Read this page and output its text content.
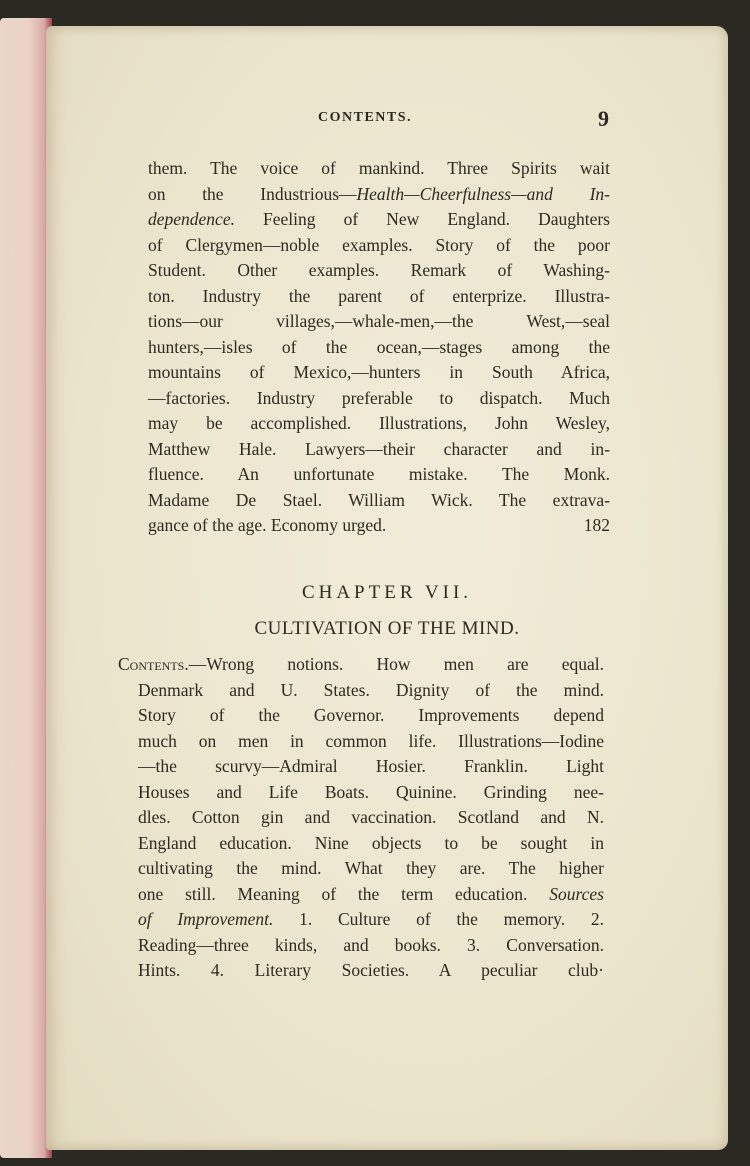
CONTENTS.	9
them. The voice of mankind. Three Spirits wait
on the Industrious—Health—Cheerfulness—and In-
dependence. Feeling of New England. Daughters
of Clergymen—noble examples. Story of the poor
Student. Other examples. Remark of Washing-
ton. Industry the parent of enterprize. Illustra-
tions—our villages,—whale-men,—the West,—seal
hunters,—isles of the ocean,—stages among the
mountains of Mexico,—hunters in South Africa,
—factories. Industry preferable to dispatch. Much
may be accomplished. Illustrations, John Wesley,
Matthew Hale. Lawyers—their character and in-
fluence. An unfortunate mistake. The Monk.
Madame De Stael. William Wick. The extrava-
gance of the age. Economy urged.	182
CHAPTER VII.
CULTIVATION OF THE MIND.
Contents.—Wrong notions. How men are equal.
Denmark and U. States. Dignity of the mind.
Story of the Governor. Improvements depend
much on men in common life. Illustrations—Iodine
—the scurvy—Admiral Hosier. Franklin. Light
Houses and Life Boats. Quinine. Grinding nee-
dles. Cotton gin and vaccination. Scotland and N.
England education. Nine objects to be sought in
cultivating the mind. What they are. The higher
one still. Meaning of the term education. Sources
of Improvement. 1. Culture of the memory. 2.
Reading—three kinds, and books. 3. Conversation.
Hints. 4. Literary Societies. A peculiar club·
